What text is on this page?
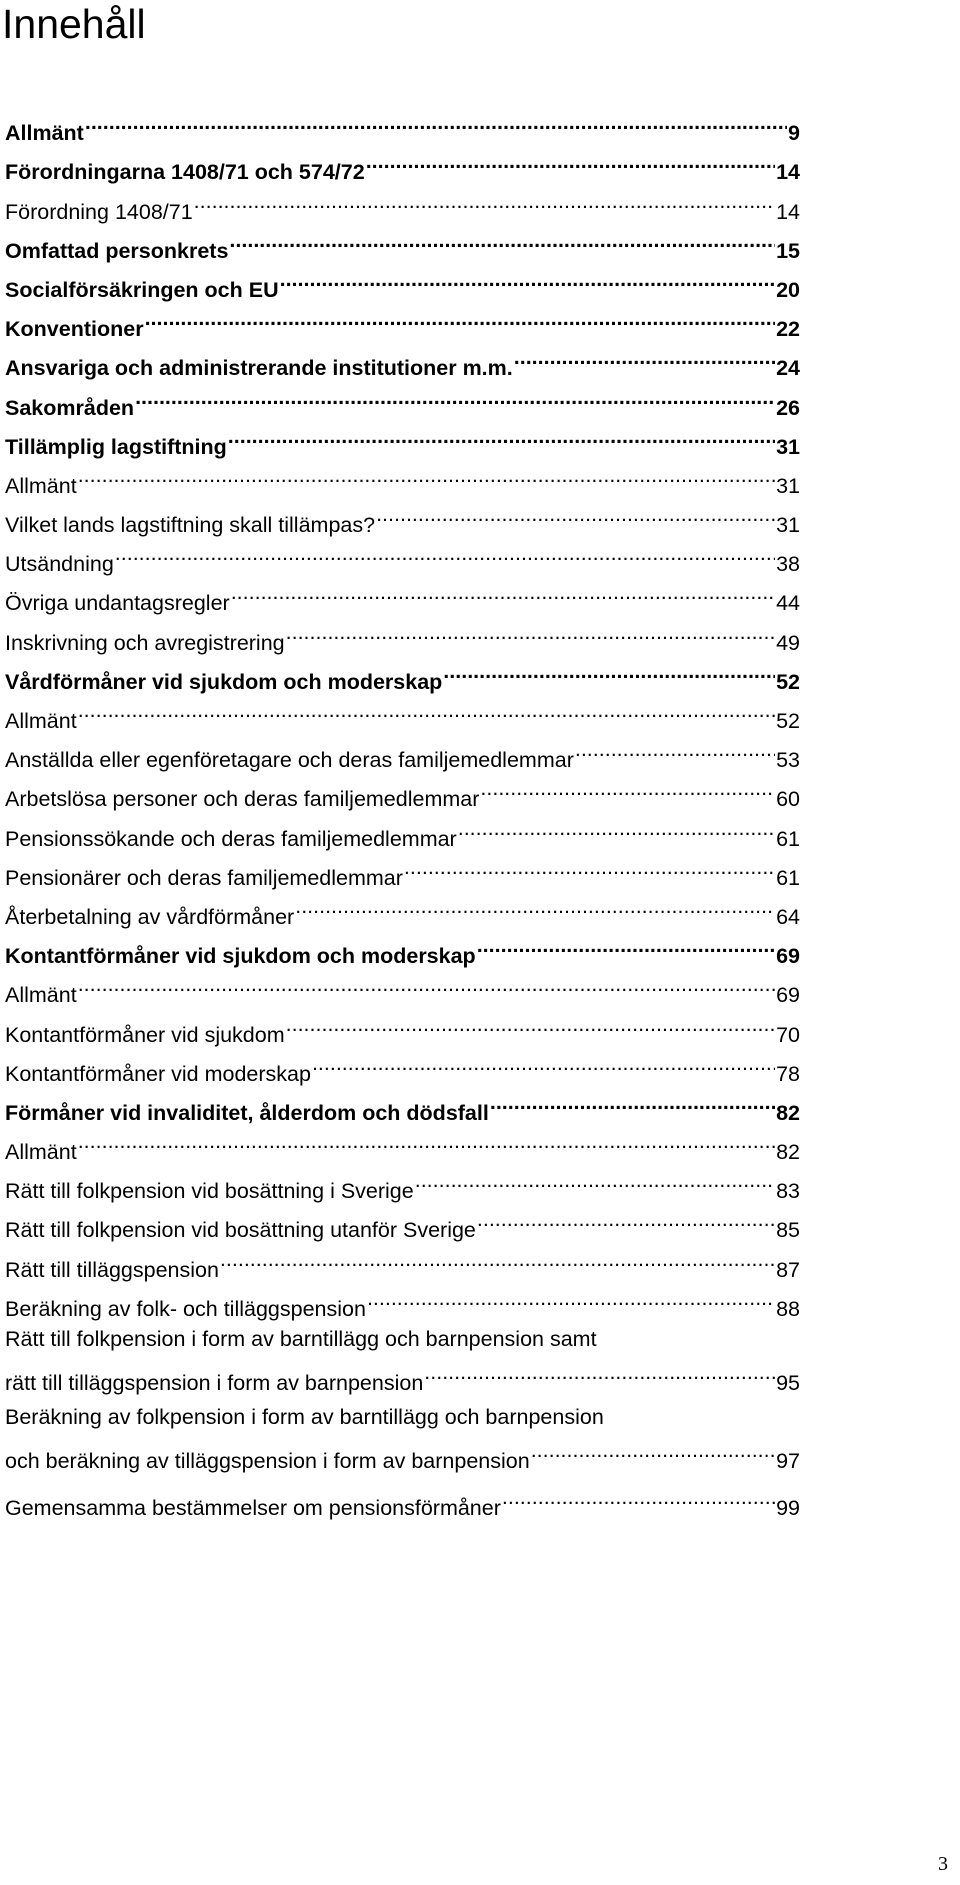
Innehåll
Allmänt .....	9
Förordningarna 1408/71 och 574/72 .....	14
Förordning 1408/71 .....	14
Omfattad personkrets .....	15
Socialförsäkringen och EU .....	20
Konventioner .....	22
Ansvariga och administrerande institutioner m.m. .....	24
Sakområden .....	26
Tillämplig lagstiftning .....	31
Allmänt .....	31
Vilket lands lagstiftning skall tillämpas? .....	31
Utsändning .....	38
Övriga undantagsregler .....	44
Inskrivning och avregistrering .....	49
Vårdförmåner vid sjukdom och moderskap .....	52
Allmänt .....	52
Anställda eller egenföretagare och deras familjemedlemmar .....	53
Arbetslösa personer och deras familjemedlemmar .....	60
Pensionssökande och deras familjemedlemmar .....	61
Pensionärer och deras familjemedlemmar .....	61
Återbetalning av vårdförmåner .....	64
Kontantförmåner vid sjukdom och moderskap .....	69
Allmänt .....	69
Kontantförmåner vid sjukdom .....	70
Kontantförmåner vid moderskap .....	78
Förmåner vid invaliditet, ålderdom och dödsfall .....	82
Allmänt .....	82
Rätt till folkpension vid bosättning i Sverige .....	83
Rätt till folkpension vid bosättning utanför Sverige .....	85
Rätt till tilläggspension .....	87
Beräkning av folk- och tilläggspension .....	88
Rätt till folkpension i form av barntillägg och barnpension samt
rätt till tilläggspension i form av barnpension .....	95
Beräkning av folkpension i form av barntillägg och barnpension
och beräkning av tilläggspension i form av barnpension .....	97
Gemensamma bestämmelser om pensionsförmåner .....	99
3
